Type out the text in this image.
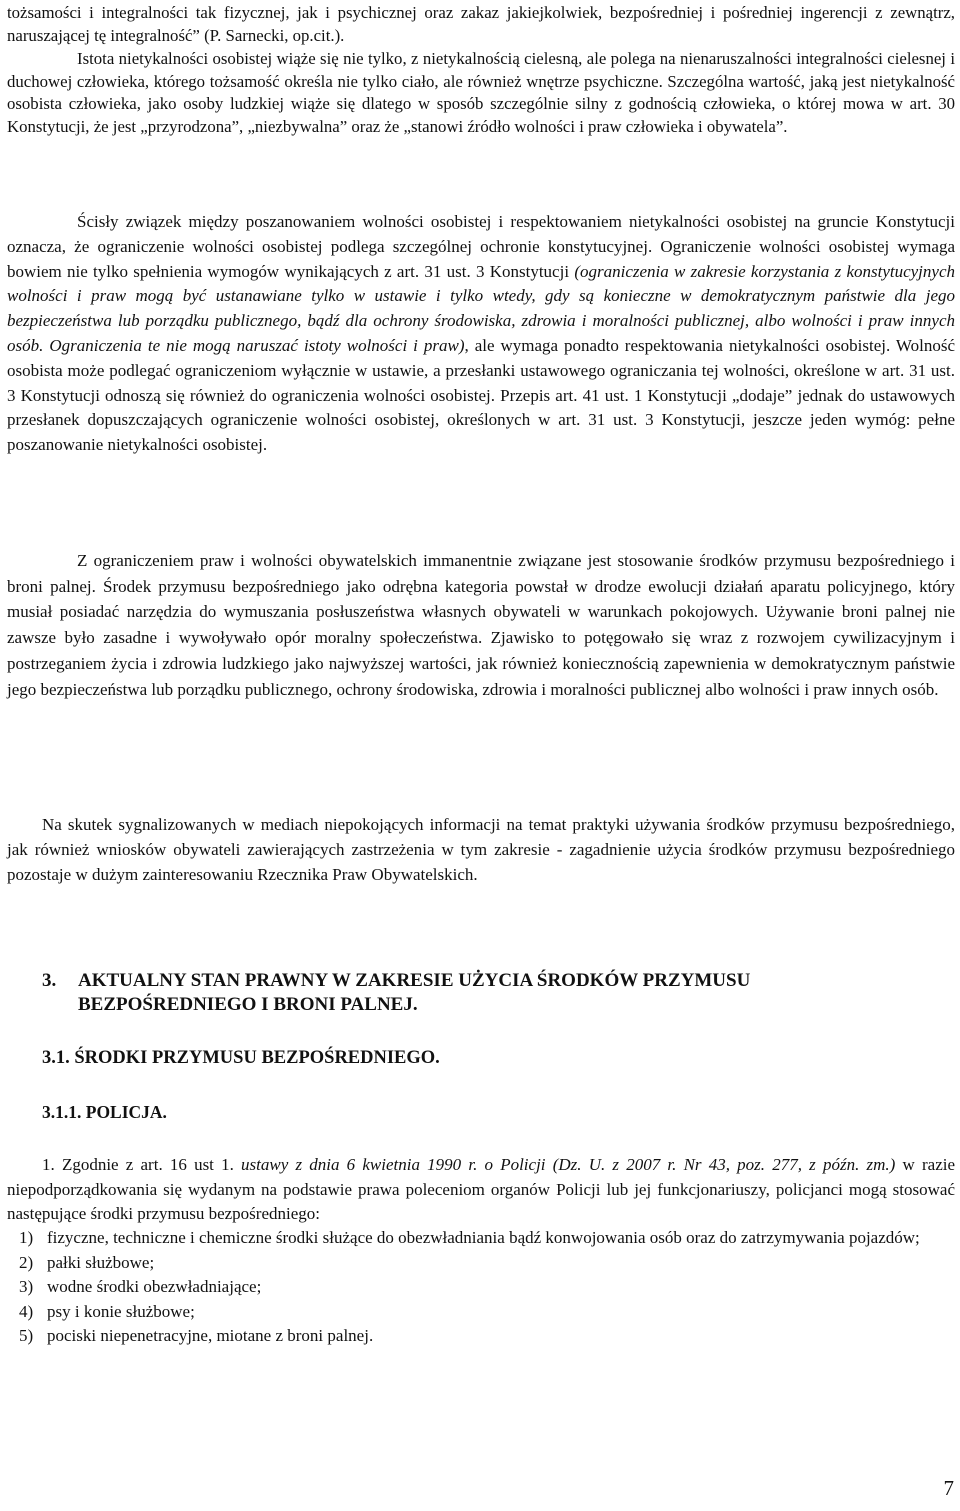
tożsamości i integralności tak fizycznej, jak i psychicznej oraz zakaz jakiejkolwiek, bezpośredniej i pośredniej ingerencji z zewnątrz, naruszającej tę integralność” (P. Sarnecki, op.cit.).

Istota nietykalności osobistej wiąże się nie tylko, z nietykalnością cielesną, ale polega na nienaruszalności integralności cielesnej i duchowej człowieka, którego tożsamość określa nie tylko ciało, ale również wnętrze psychiczne. Szczególna wartość, jaką jest nietykalność osobista człowieka, jako osoby ludzkiej wiąże się dlatego w sposób szczególnie silny z godnością człowieka, o której mowa w art. 30 Konstytucji, że jest „przyrodzona”, „niezbywalna” oraz że „stanowi źródło wolności i praw człowieka i obywatela”.

Ścisły związek między poszanowaniem wolności osobistej i respektowaniem nietykalności osobistej na gruncie Konstytucji oznacza, że ograniczenie wolności osobistej podlega szczególnej ochronie konstytucyjnej. Ograniczenie wolności osobistej wymaga bowiem nie tylko spełnienia wymogów wynikających z art. 31 ust. 3 Konstytucji (ograniczenia w zakresie korzystania z konstytucyjnych wolności i praw mogą być ustanawiane tylko w ustawie i tylko wtedy, gdy są konieczne w demokratycznym państwie dla jego bezpieczeństwa lub porządku publicznego, bądź dla ochrony środowiska, zdrowia i moralności publicznej, albo wolności i praw innych osób. Ograniczenia te nie mogą naruszać istoty wolności i praw), ale wymaga ponadto respektowania nietykalności osobistej. Wolność osobista może podlegać ograniczeniom wyłącznie w ustawie, a przesłanki ustawowego ograniczania tej wolności, określone w art. 31 ust. 3 Konstytucji odnoszą się również do ograniczenia wolności osobistej. Przepis art. 41 ust. 1 Konstytucji „dodaje” jednak do ustawowych przesłanek dopuszczających ograniczenie wolności osobistej, określonych w art. 31 ust. 3 Konstytucji, jeszcze jeden wymóg: pełne poszanowanie nietykalności osobistej.

Z ograniczeniem praw i wolności obywatelskich immanentnie związane jest stosowanie środków przymusu bezpośredniego i broni palnej. Środek przymusu bezpośredniego jako odrębna kategoria powstał w drodze ewolucji działań aparatu policyjnego, który musiał posiadać narzędzia do wymuszania posłuszeństwa własnych obywateli w warunkach pokojowych. Używanie broni palnej nie zawsze było zasadne i wywoływało opór moralny społeczeństwa. Zjawisko to potęgowało się wraz z rozwojem cywilizacyjnym i postrzeganiem życia i zdrowia ludzkiego jako najwyższej wartości, jak również koniecznością zapewnienia w demokratycznym państwie jego bezpieczeństwa lub porządku publicznego, ochrony środowiska, zdrowia i moralności publicznej albo wolności i praw innych osób.

Na skutek sygnalizowanych w mediach niepokojących informacji na temat praktyki używania środków przymusu bezpośredniego, jak również wniosków obywateli zawierających zastrzeżenia w tym zakresie - zagadnienie użycia środków przymusu bezpośredniego pozostaje w dużym zainteresowaniu Rzecznika Praw Obywatelskich.

3. AKTUALNY STAN PRAWNY W ZAKRESIE UŻYCIA ŚRODKÓW PRZYMUSU
BEZPOŚREDNIEGO I BRONI PALNEJ.
3.1. ŚRODKI PRZYMUSU BEZPOŚREDNIEGO.
3.1.1. POLICJA.

1. Zgodnie z art. 16 ust 1. ustawy z dnia 6 kwietnia 1990 r. o Policji (Dz. U. z 2007 r. Nr 43, poz. 277, z późn. zm.) w razie niepodporządkowania się wydanym na podstawie prawa poleceniom organów Policji lub jej funkcjonariuszy, policjanci mogą stosować następujące środki przymusu bezpośredniego:

1) fizyczne, techniczne i chemiczne środki służące do obezwładniania bądź konwojowania osób oraz do zatrzymywania pojazdów;
2) pałki służbowe;
3) wodne środki obezwładniające;
4) psy i konie służbowe;
5) pociski niepenetracyjne, miotane z broni palnej.
7
